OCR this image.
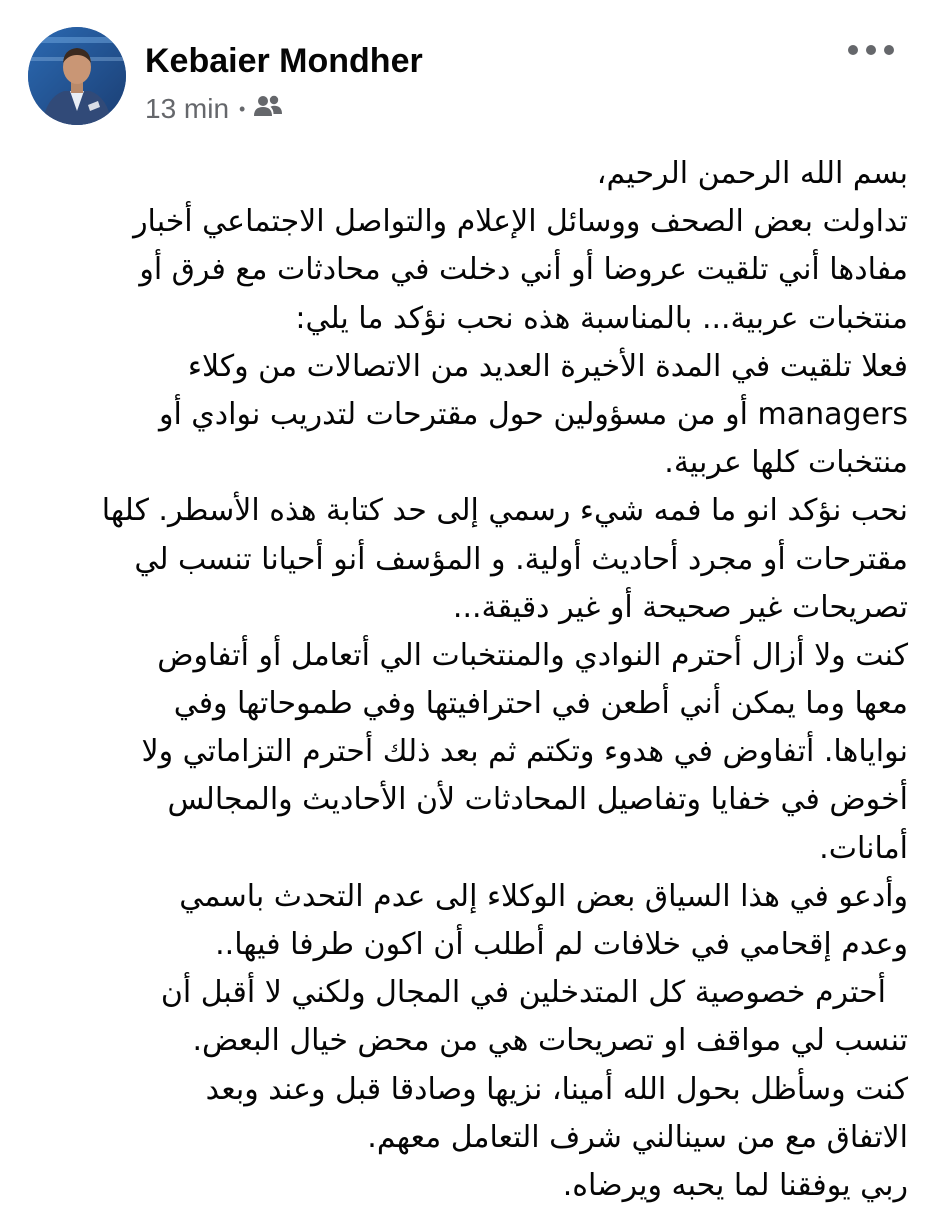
Kebaier Mondher
13 min •
بسم الله الرحمن الرحيم،
تداولت بعض الصحف ووسائل الإعلام والتواصل الاجتماعي أخبار
مفادها أني تلقيت عروضا أو أني دخلت في محادثات مع فرق أو
منتخبات عربية... بالمناسبة هذه نحب نؤكد ما يلي:
فعلا تلقيت في المدة الأخيرة العديد من الاتصالات من وكلاء
managers أو من مسؤولين حول مقترحات لتدريب نوادي أو
منتخبات كلها عربية.
نحب نؤكد انو ما فمه شيء رسمي إلى حد كتابة هذه الأسطر. كلها
مقترحات أو مجرد أحاديث أولية. و المؤسف أنو أحيانا تنسب لي
تصريحات غير صحيحة أو غير دقيقة...
كنت ولا أزال أحترم النوادي والمنتخبات الي أتعامل أو أتفاوض
معها وما يمكن أني أطعن في احترافيتها وفي طموحاتها وفي
نواياها. أتفاوض في هدوء وتكتم ثم بعد ذلك أحترم التزاماتي ولا
أخوض في خفايا وتفاصيل المحادثات لأن الأحاديث والمجالس
أمانات.
وأدعو في هذا السياق بعض الوكلاء إلى عدم التحدث باسمي
وعدم إقحامي في خلافات لم أطلب أن اكون طرفا فيها..
أحترم خصوصية كل المتدخلين في المجال ولكني لا أقبل أن
تنسب لي مواقف او تصريحات هي من محض خيال البعض.
كنت وسأظل بحول الله أمينا، نزيها وصادقا قبل وعند وبعد
الاتفاق مع من سينالني شرف التعامل معهم.
ربي يوفقنا لما يحبه ويرضاه.
